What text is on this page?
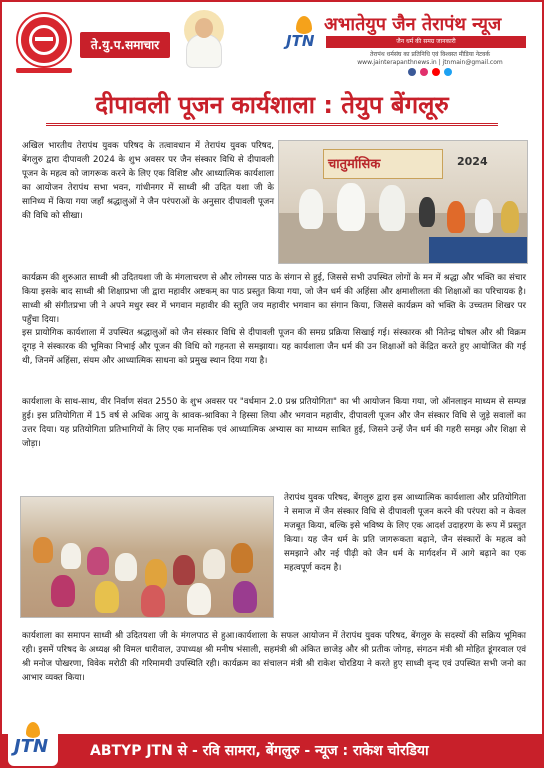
ते.यु.प.समाचार	JTN
अभातेयुप जैन तेरापंथ न्यूज
जैन धर्म की समग्र जानकारी
तेरापंथ धर्मसंघ का प्रतिनिधि एवं विश्वस्त मीडिया नेटवर्क
www.jainterapanthnews.in | jtnmain@gmail.com
दीपावली पूजन कार्यशाला : तेयुप बेंगलूरु

अखिल भारतीय तेरापंथ युवक परिषद के तत्वावधान में तेरापंथ युवक परिषद, बेंगलुरु द्वारा दीपावली 2024 के शुभ अवसर पर जैन संस्कार विधि से दीपावली पूजन के महत्व को जागरूक करने के लिए एक विशिष्ट और आध्यात्मिक कार्यशाला का आयोजन तेरापंथ सभा भवन, गांधीनगर में साध्वी श्री उदित यशा जी के सानिध्य में किया गया जहाँ श्रद्धालुओं ने जैन परंपराओं के अनुसार दीपावली पूजन की विधि को सीखा।

चातुर्मासिक	2024

कार्यक्रम की शुरुआत साध्वी श्री उदितयशा जी के मंगलाचरण से और लोगस्स पाठ के संगान से हुई, जिससे सभी उपस्थित लोगों के मन में श्रद्धा और भक्ति का संचार किया इसके बाद साध्वी श्री शिक्षाप्रभा जी द्वारा महावीर अष्टकम् का पाठ प्रस्तुत किया गया, जो जैन धर्म की अहिंसा और क्षमाशीलता की शिक्षाओं का परिचायक है। साध्वी श्री संगीतप्रभा जी ने अपने मधुर स्वर में भगवान महावीर की स्तुति जय महावीर भगवान का संगान किया, जिससे कार्यक्रम को भक्ति के उच्चतम शिखर पर पहुँचा दिया।

इस प्रायोगिक कार्यशाला में उपस्थित श्रद्धालुओं को जैन संस्कार विधि से दीपावली पूजन की समग्र प्रक्रिया सिखाई गई। संस्कारक श्री नितेन्द्र घोषल और श्री विक्रम दूगड़ ने संस्कारक की भूमिका निभाई और पूजन की विधि को गहनता से समझाया। यह कार्यशाला जैन धर्म की उन शिक्षाओं को केंद्रित करते हुए आयोजित की गई थी, जिनमें अहिंसा, संयम और आध्यात्मिक साधना को प्रमुख स्थान दिया गया है।

कार्यशाला के साथ-साथ, वीर निर्वाण संवत 2550 के शुभ अवसर पर "वर्धमान 2.0 प्रश्न प्रतियोगिता" का भी आयोजन किया गया, जो ऑनलाइन माध्यम से सम्पन्न हुई। इस प्रतियोगिता में 15 वर्ष से अधिक आयु के श्रावक-श्राविका ने हिस्सा लिया और भगवान महावीर, दीपावली पूजन और जैन संस्कार विधि से जुड़े सवालों का उत्तर दिया। यह प्रतियोगिता प्रतिभागियों के लिए एक मानसिक एवं आध्यात्मिक अभ्यास का माध्यम साबित हुई, जिसने उन्हें जैन धर्म की गहरी समझ और शिक्षा से जोड़ा।

तेरापंथ युवक परिषद, बेंगलुरु द्वारा इस आध्यात्मिक कार्यशाला और प्रतियोगिता ने समाज में जैन संस्कार विधि से दीपावली पूजन करने की परंपरा को न केवल मजबूत किया, बल्कि इसे भविष्य के लिए एक आदर्श उदाहरण के रूप में प्रस्तुत किया। यह जैन धर्म के प्रति जागरूकता बढ़ाने, जैन संस्कारों के महत्व को समझाने और नई पीढ़ी को जैन धर्म के मार्गदर्शन में आगे बढ़ाने का एक महत्वपूर्ण कदम है।

कार्यशाला का समापन साध्वी श्री उदितयशा जी के मंगलपाठ से हुआ।कार्यशाला के सफल आयोजन में तेरापंथ युवक परिषद, बेंगलुरु के सदस्यों की सक्रिय भूमिका रही। इसमें परिषद के अध्यक्ष श्री विमल धारीवाल, उपाध्यक्ष श्री मनीष भंसाली, सहमंत्री श्री अंकित छाजेड़ और श्री प्रतीक जोगड़, संगठन मंत्री श्री मोहित डूंगरवाल एवं श्री मनोज पोखरणा, विवेक मरोठी की गरिमामयी उपस्थिति रही। कार्यक्रम का संचालन मंत्री श्री राकेश चोरडिया ने करते हुए साध्वी वृन्द एवं उपस्थित सभी जनो का आभार व्यक्त किया।

JTN	ABTYP JTN से - रवि सामरा, बेंगलुरु - न्यूज : राकेश चोरडिया
